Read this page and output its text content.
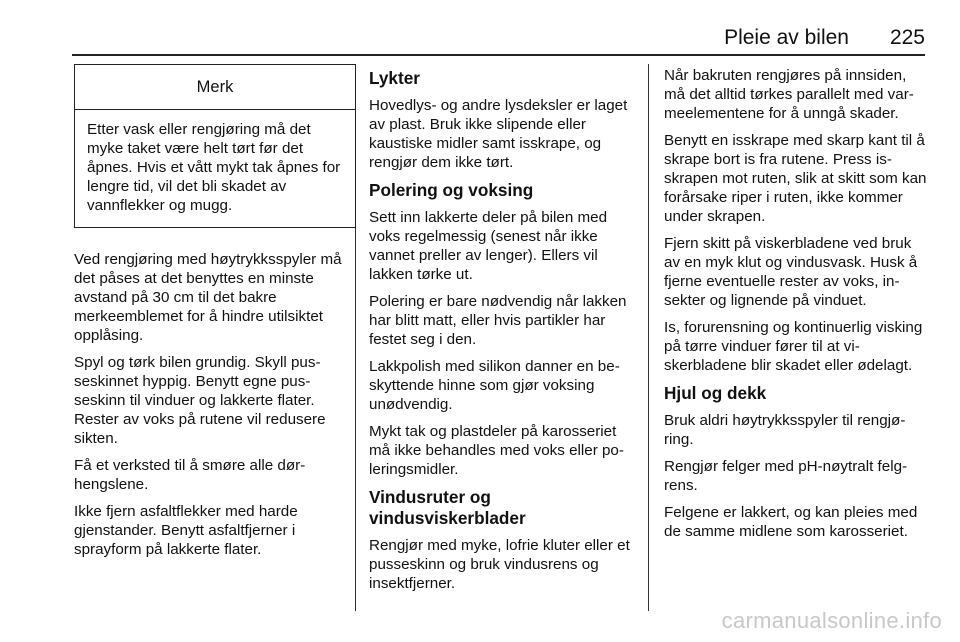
Pleie av bilen 225
Merk
Etter vask eller rengjøring må det myke taket være helt tørt før det åpnes. Hvis et vått mykt tak åpnes for lengre tid, vil det bli skadet av vannflekker og mugg.

Ved rengjøring med høytrykksspyler må det påses at det benyttes en minste avstand på 30 cm til det bakre merkeemblemet for å hindre utilsiktet opplåsing.

Spyl og tørk bilen grundig. Skyll pusseskinnet hyppig. Benytt egne pusseskinn til vinduer og lakkerte flater. Rester av voks på rutene vil redusere sikten.

Få et verksted til å smøre alle dørhengslene.

Ikke fjern asfaltflekker med harde gjenstander. Benytt asfaltfjerner i sprayform på lakkerte flater.

Lykter

Hovedlys- og andre lysdeksler er laget av plast. Bruk ikke slipende eller kaustiske midler samt isskrape, og rengjør dem ikke tørt.

Polering og voksing

Sett inn lakkerte deler på bilen med voks regelmessig (senest når ikke vannet preller av lenger). Ellers vil lakken tørke ut.

Polering er bare nødvendig når lakken har blitt matt, eller hvis partikler har festet seg i den.

Lakkpolish med silikon danner en beskyttende hinne som gjør voksing unødvendig.

Mykt tak og plastdeler på karosseriet må ikke behandles med voks eller poleringsmidler.

Vindusruter og
vindusviskerblader

Rengjør med myke, lofrie kluter eller et pusseskinn og bruk vindusrens og insektfjerner.

Når bakruten rengjøres på innsiden, må det alltid tørkes parallelt med varmeelementene for å unngå skader.

Benytt en isskrape med skarp kant til å skrape bort is fra rutene. Press isskrapen mot ruten, slik at skitt som kan forårsake riper i ruten, ikke kommer under skrapen.

Fjern skitt på viskerbladene ved bruk av en myk klut og vindusvask. Husk å fjerne eventuelle rester av voks, insekter og lignende på vinduet.

Is, forurensning og kontinuerlig visking på tørre vinduer fører til at viskerbladene blir skadet eller ødelagt.

Hjul og dekk

Bruk aldri høytrykksspyler til rengjøring.

Rengjør felger med pH-nøytralt felgrens.

Felgene er lakkert, og kan pleies med de samme midlene som karosseriet.

carmanualsonline.info
